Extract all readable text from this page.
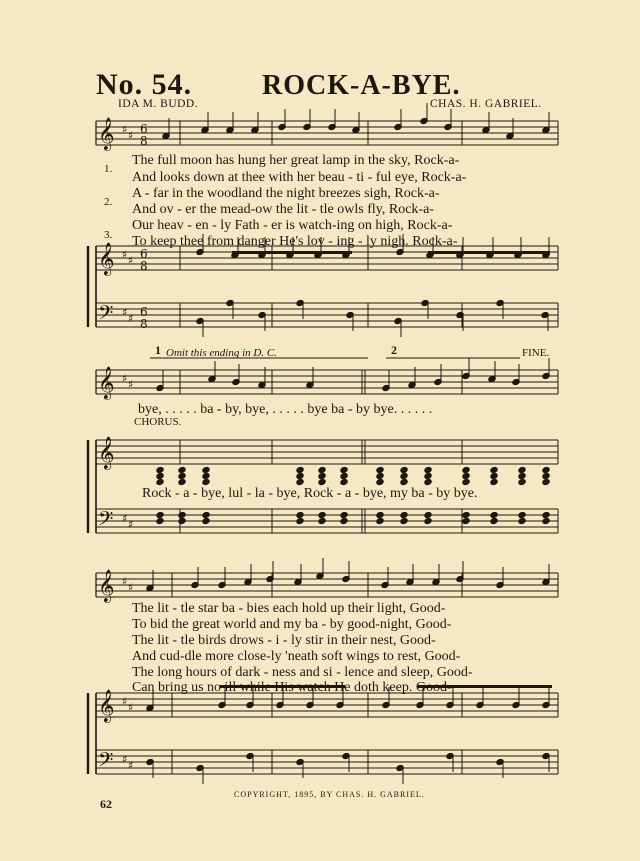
No. 54. ROCK-A-BYE.
IDA M. BUDD.	CHAS. H. GABRIEL.
𝄞
𝄞
𝄢
♯ ♯
♯ ♯
♯ ♯
6
8
6
8
6
8
𝄞
𝄞
𝄢
♯ ♯
♯ ♯
𝄞
𝄞
𝄢
♯ ♯
♯ ♯
♯ ♯
1.
2.
3.
The full moon has hung her great lamp in the sky, Rock-a-
And looks down at thee with her beau - ti - ful eye, Rock-a-
A - far in the woodland the night breezes sigh, Rock-a-
And ov - er the mead-ow the lit - tle owls fly, Rock-a-
Our heav - en - ly Fath - er is watch-ing on high, Rock-a-
To keep thee from danger He's lov - ing - ly nigh. Rock-a-
1 Omit this ending in D. C.	2	FINE.
bye, . . . . . ba - by, bye, . . . . . bye ba - by bye. . . . . .
CHORUS.
Rock - a - bye, lul - la - bye, Rock - a - bye, my ba - by bye.
The lit - tle star ba - bies each hold up their light, Good-
To bid the great world and my ba - by good-night, Good-
The lit - tle birds drows - i - ly stir in their nest, Good-
And cud-dle more close-ly 'neath soft wings to rest, Good-
The long hours of dark - ness and si - lence and sleep, Good-
Can bring us no ill while His watch He doth keep. Good-
62
COPYRIGHT, 1895, BY CHAS. H. GABRIEL.
